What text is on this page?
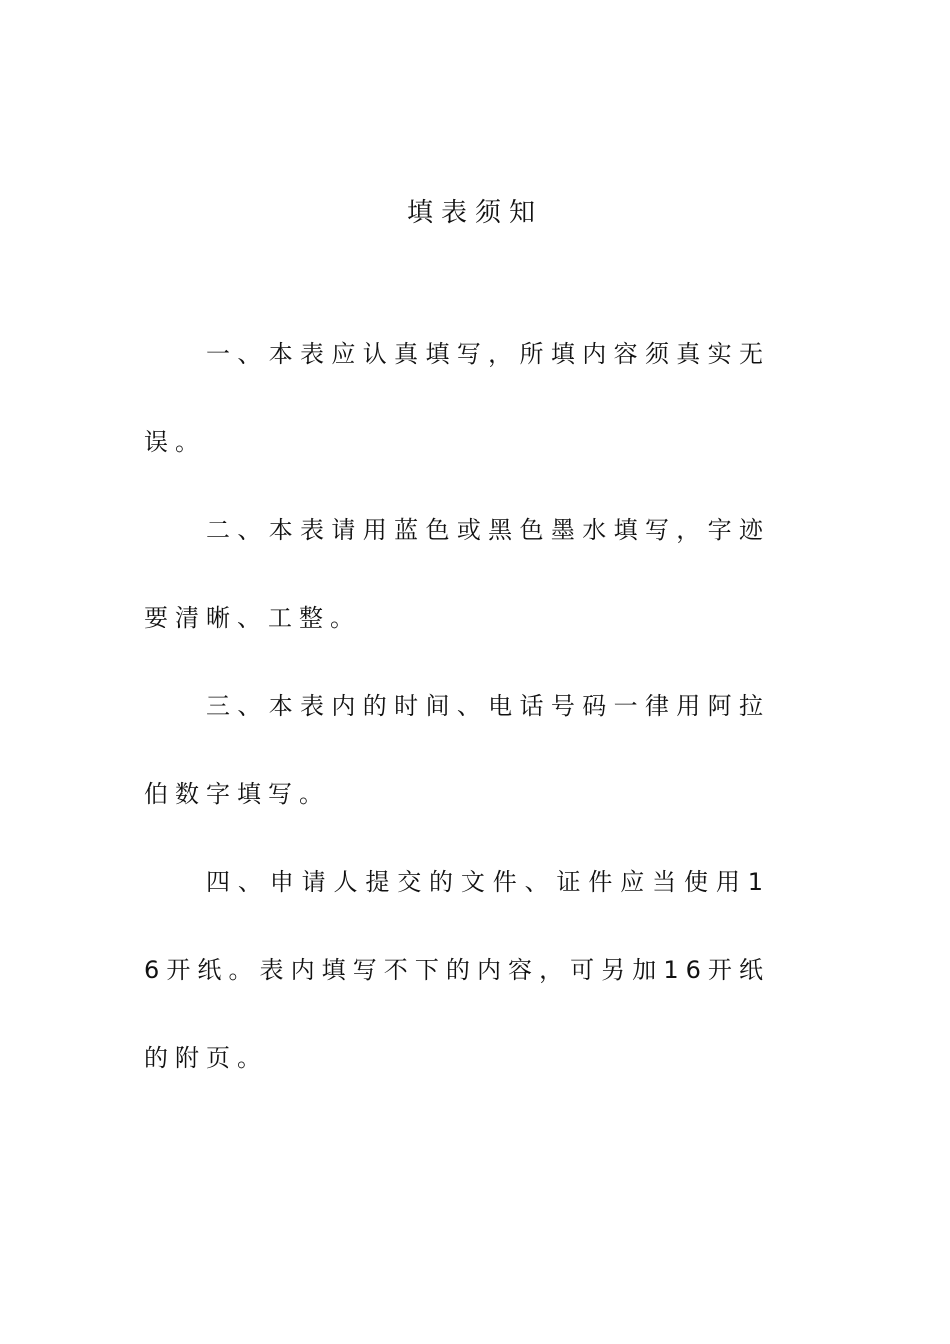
填表须知

一、本表应认真填写，所填内容须真实无误。

二、本表请用蓝色或黑色墨水填写，字迹要清晰、工整。

三、本表内的时间、电话号码一律用阿拉伯数字填写。

四、申请人提交的文件、证件应当使用16开纸。表内填写不下的内容，可另加16开纸的附页。
